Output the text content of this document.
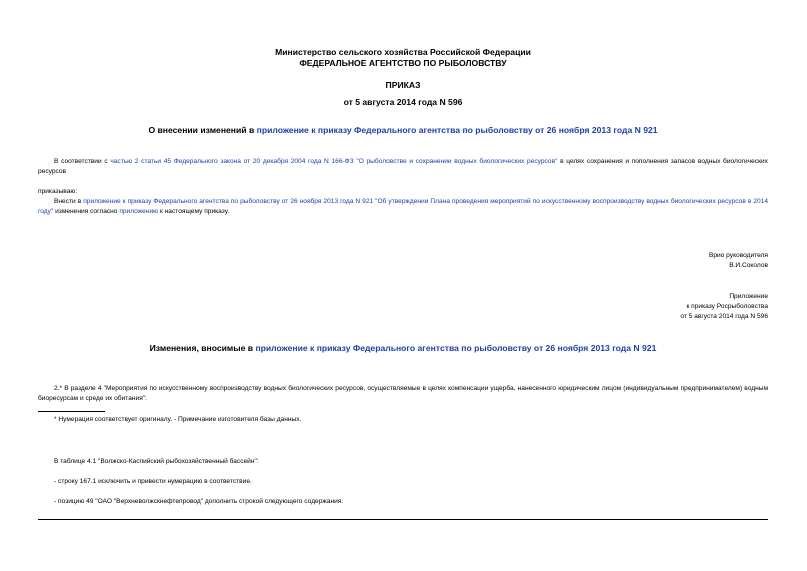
Министерство сельского хозяйства Российской Федерации
ФЕДЕРАЛЬНОЕ АГЕНТСТВО ПО РЫБОЛОВСТВУ
ПРИКАЗ
от 5 августа 2014 года N 596
О внесении изменений в приложение к приказу Федерального агентства по рыболовству от 26 ноября 2013 года N 921
В соответствии с частью 2 статьи 45 Федерального закона от 20 декабря 2004 года N 166-ФЗ "О рыболовстве и сохранении водных биологических ресурсов" в целях сохранения и пополнения запасов водных биологических ресурсов
приказываю:
Внести в приложение к приказу Федерального агентства по рыболовству от 26 ноября 2013 года N 921 "Об утверждении Плана проведения мероприятий по искусственному воспроизводству водных биологических ресурсов в 2014 году" изменения согласно приложению к настоящему приказу.
Врио руководителя
В.И.Соколов
Приложение
к приказу Росрыболовства
от 5 августа 2014 года N 596
Изменения, вносимые в приложение к приказу Федерального агентства по рыболовству от 26 ноября 2013 года N 921
2.* В разделе 4 "Мероприятия по искусственному воспроизводству водных биологических ресурсов, осуществляемые в целях компенсации ущерба, нанесенного юридическим лицом (индивидуальным предпринимателем) водным биоресурсам и среде их обитания":
* Нумерация соответствует оригиналу. - Примечание изготовителя базы данных.
В таблице 4.1 "Волжско-Каспийский рыбохозяйственный бассейн":
- строку 167.1 исключить и привести нумерацию в соответствие.
- позицию 49 "ОАО "Верхневолжскнефтепровод" дополнить строкой следующего содержания:
